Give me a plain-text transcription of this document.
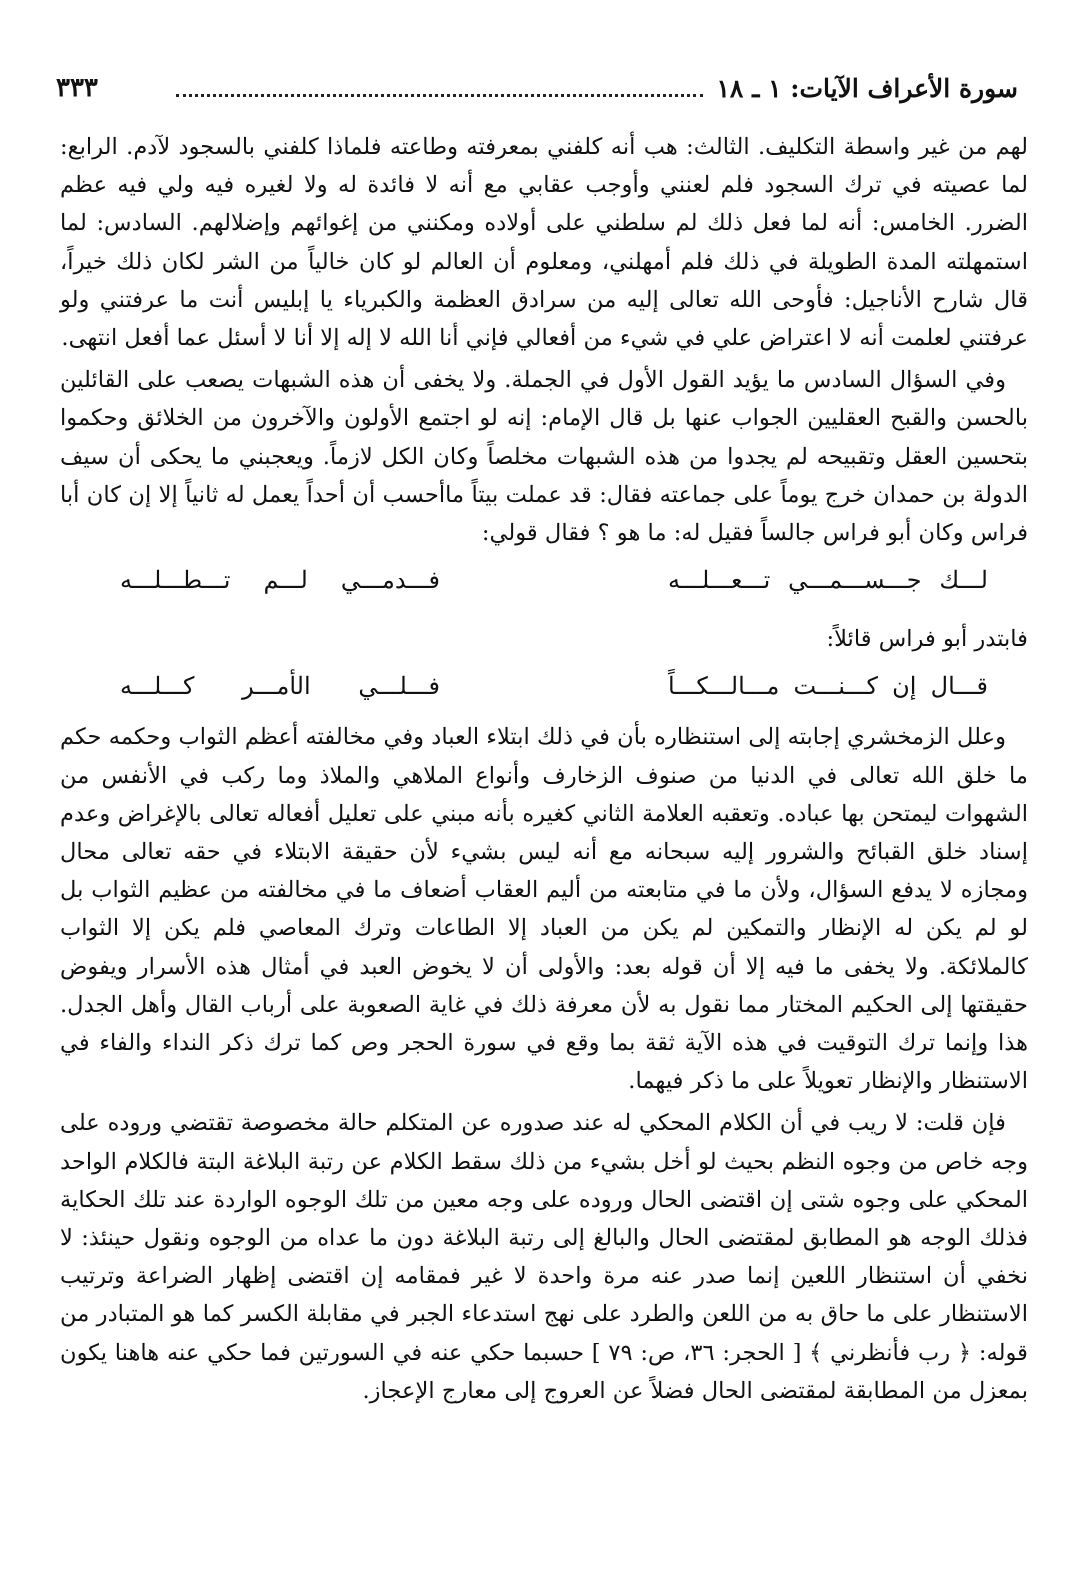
٣٣٣	سورة الأعراف الآيات: ١ ـ ١٨

لهم من غير واسطة التكليف. الثالث: هب أنه كلفني بمعرفته وطاعته فلماذا كلفني بالسجود لآدم. الرابع: لما عصيته في ترك السجود فلم لعنني وأوجب عقابي مع أنه لا فائدة له ولا لغيره فيه ولي فيه عظم الضرر. الخامس: أنه لما فعل ذلك لم سلطني على أولاده ومكنني من إغوائهم وإضلالهم. السادس: لما استمهلته المدة الطويلة في ذلك فلم أمهلني، ومعلوم أن العالم لو كان خالياً من الشر لكان ذلك خيراً، قال شارح الأناجيل: فأوحى الله تعالى إليه من سرادق العظمة والكبرياء يا إبليس أنت ما عرفتني ولو عرفتني لعلمت أنه لا اعتراض علي في شيء من أفعالي فإني أنا الله لا إله إلا أنا لا أسئل عما أفعل انتهى.

وفي السؤال السادس ما يؤيد القول الأول في الجملة. ولا يخفى أن هذه الشبهات يصعب على القائلين بالحسن والقبح العقليين الجواب عنها بل قال الإمام: إنه لو اجتمع الأولون والآخرون من الخلائق وحكموا بتحسين العقل وتقبيحه لم يجدوا من هذه الشبهات مخلصاً وكان الكل لازماً. ويعجبني ما يحكى أن سيف الدولة بن حمدان خرج يوماً على جماعته فقال: قد عملت بيتاً ماأحسب أن أحداً يعمل له ثانياً إلا إن كان أبا فراس وكان أبو فراس جالساً فقيل له: ما هو ؟ فقال قولي:

لـــك جـــســـمـــي تـــعـــلـــه
فـــدمـــي لـــم تـــطـــلـــه

فابتدر أبو فراس قائلاً:

قـــال إن كـــنـــت مـــالـــكـــاً
فـــلـــي الأمـــر كـــلـــه

وعلل الزمخشري إجابته إلى استنظاره بأن في ذلك ابتلاء العباد وفي مخالفته أعظم الثواب وحكمه حكم ما خلق الله تعالى في الدنيا من صنوف الزخارف وأنواع الملاهي والملاذ وما ركب في الأنفس من الشهوات ليمتحن بها عباده. وتعقبه العلامة الثاني كغيره بأنه مبني على تعليل أفعاله تعالى بالإغراض وعدم إسناد خلق القبائح والشرور إليه سبحانه مع أنه ليس بشيء لأن حقيقة الابتلاء في حقه تعالى محال ومجازه لا يدفع السؤال، ولأن ما في متابعته من أليم العقاب أضعاف ما في مخالفته من عظيم الثواب بل لو لم يكن له الإنظار والتمكين لم يكن من العباد إلا الطاعات وترك المعاصي فلم يكن إلا الثواب كالملائكة. ولا يخفى ما فيه إلا أن قوله بعد: والأولى أن لا يخوض العبد في أمثال هذه الأسرار ويفوض حقيقتها إلى الحكيم المختار مما نقول به لأن معرفة ذلك في غاية الصعوبة على أرباب القال وأهل الجدل. هذا وإنما ترك التوقيت في هذه الآية ثقة بما وقع في سورة الحجر وص كما ترك ذكر النداء والفاء في الاستنظار والإنظار تعويلاً على ما ذكر فيهما.

فإن قلت: لا ريب في أن الكلام المحكي له عند صدوره عن المتكلم حالة مخصوصة تقتضي وروده على وجه خاص من وجوه النظم بحيث لو أخل بشيء من ذلك سقط الكلام عن رتبة البلاغة البتة فالكلام الواحد المحكي على وجوه شتى إن اقتضى الحال وروده على وجه معين من تلك الوجوه الواردة عند تلك الحكاية فذلك الوجه هو المطابق لمقتضى الحال والبالغ إلى رتبة البلاغة دون ما عداه من الوجوه ونقول حينئذ: لا نخفي أن استنظار اللعين إنما صدر عنه مرة واحدة لا غير فمقامه إن اقتضى إظهار الضراعة وترتيب الاستنظار على ما حاق به من اللعن والطرد على نهج استدعاء الجبر في مقابلة الكسر كما هو المتبادر من قوله: ﴿ رب فأنظرني ﴾ [ الحجر: ٣٦، ص: ٧٩ ] حسبما حكي عنه في السورتين فما حكي عنه هاهنا يكون بمعزل من المطابقة لمقتضى الحال فضلاً عن العروج إلى معارج الإعجاز.
